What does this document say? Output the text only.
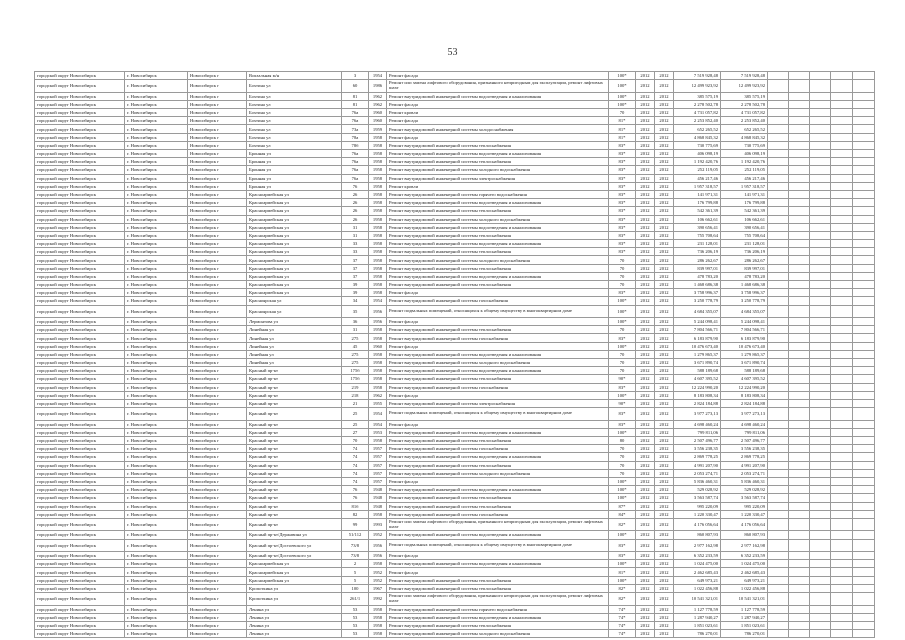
53
городской округ Новосибирск	г. Новосибирск	Новосибирск г	Вокзальная м/н	3	1954	Ремонт фасада	100*	2012	2012	7 519 928,48	7 519 928,48					
городской округ Новосибирск	г. Новосибирск	Новосибирск г	Бохтина ул	60	1986	Ремонт или замена лифтового оборудования, признанного непригодным для эксплуатации, ремонт лифтовых шахт	100*	2012	2012	12 499 923,92	12 499 923,92					
городской округ Новосибирск	г. Новосибирск	Новосибирск г	Бохтина ул	81	1962	Ремонт внутридомовой инженерной системы водоотведения и канализования	100*	2012	2012	385 575,19	385 575,19					
городской округ Новосибирск	г. Новосибирск	Новосибирск г	Бохтина ул	81	1962	Ремонт фасада	100*	2012	2012	2 278 502,78	2 278 502,78					
городской округ Новосибирск	г. Новосибирск	Новосибирск г	Бохтина ул	76а	1960	Ремонт кровли	70	2012	2012	4 731 057,82	4 731 057,82					
городской округ Новосибирск	г. Новосибирск	Новосибирск г	Бохтина ул	76а	1960	Ремонт фасада	81*	2012	2012	2 253 852,40	2 253 852,40					
городской округ Новосибирск	г. Новосибирск	Новосибирск г	Бохтина ул	73а	1959	Ремонт внутридомовой инженерной системы холодоснабжения	81*	2012	2012	652 265,52	652 265,52					
городской округ Новосибирск	г. Новосибирск	Новосибирск г	Бохтина ул	78а	1958	Ремонт фасада	81*	2012	2012	4 868 845,32	4 868 845,32					
городской округ Новосибирск	г. Новосибирск	Новосибирск г	Бохтина ул	78б	1958	Ремонт внутридомовой инженерной системы теплоснабжения	83*	2012	2012	730 775,69	730 775,69					
городской округ Новосибирск	г. Новосибирск	Новосибирск г	Бронная ул	76а	1958	Ремонт внутридомовой инженерной системы водоотведения и канализования	83*	2012	2012	406 098,19	406 098,19					
городской округ Новосибирск	г. Новосибирск	Новосибирск г	Бронная ул	76а	1958	Ремонт внутридомовой инженерной системы теплоснабжения	83*	2012	2012	1 192 420,76	1 192 420,76					
городской округ Новосибирск	г. Новосибирск	Новосибирск г	Бронная ул	76а	1958	Ремонт внутридомовой инженерной системы холодного водоснабжения	83*	2012	2012	252 119,05	252 119,05					
городской округ Новосибирск	г. Новосибирск	Новосибирск г	Бронная ул	76а	1958	Ремонт внутридомовой инженерной системы электроснабжения	83*	2012	2012	456 217,46	456 217,46					
городской округ Новосибирск	г. Новосибирск	Новосибирск г	Бронная ул	76	1958	Ремонт кровли	83*	2012	2012	1 957 318,57	1 957 318,57					
городской округ Новосибирск	г. Новосибирск	Новосибирск г	Красноармейская ул	26	1958	Ремонт внутридомовой инженерной системы горячего водоснабжения	83*	2012	2012	141 971,31	141 971,31					
городской округ Новосибирск	г. Новосибирск	Новосибирск г	Красноармейская ул	26	1958	Ремонт внутридомовой инженерной системы водоотведения и канализования	83*	2012	2012	176 799,88	176 799,88					
городской округ Новосибирск	г. Новосибирск	Новосибирск г	Красноармейская ул	26	1958	Ремонт внутридомовой инженерной системы теплоснабжения	83*	2012	2012	542 361,39	542 361,39					
городской округ Новосибирск	г. Новосибирск	Новосибирск г	Красноармейская ул	26	1958	Ремонт внутридомовой инженерной системы холодного водоснабжения	83*	2012	2012	106 662,61	106 662,61					
городской округ Новосибирск	г. Новосибирск	Новосибирск г	Красноармейская ул	31	1958	Ремонт внутридомовой инженерной системы водоотведения и канализования	83*	2012	2012	390 656,41	390 656,41					
городской округ Новосибирск	г. Новосибирск	Новосибирск г	Красноармейская ул	31	1958	Ремонт внутридомовой инженерной системы теплоснабжения	83*	2012	2012	755 708,64	755 708,64					
городской округ Новосибирск	г. Новосибирск	Новосибирск г	Красноармейская ул	33	1958	Ремонт внутридомовой инженерной системы водоотведения и канализования	83*	2012	2012	231 128,01	231 128,01					
городской округ Новосибирск	г. Новосибирск	Новосибирск г	Красноармейская ул	33	1958	Ремонт внутридомовой инженерной системы теплоснабжения	83*	2012	2012	736 206,19	736 206,19					
городской округ Новосибирск	г. Новосибирск	Новосибирск г	Красноармейская ул	37	1958	Ремонт внутридомовой инженерной системы холодного водоснабжения	70	2012	2012	286 262,67	286 262,67					
городской округ Новосибирск	г. Новосибирск	Новосибирск г	Красноармейская ул	37	1958	Ремонт внутридомовой инженерной системы теплоснабжения	70	2012	2012	839 997,01	839 997,01					
городской округ Новосибирск	г. Новосибирск	Новосибирск г	Красноармейская ул	37	1958	Ремонт внутридомовой инженерной системы водоотведения и канализования	70	2012	2012	478 783,20	478 783,20					
городской округ Новосибирск	г. Новосибирск	Новосибирск г	Красноармейская ул	39	1958	Ремонт внутридомовой инженерной системы теплоснабжения	70	2012	2012	1 468 686,38	1 468 686,38					
городской округ Новосибирск	г. Новосибирск	Новосибирск г	Красноармейская ул	39	1958	Ремонт фасада	83*	2012	2012	3 758 996,37	3 758 996,37					
городской округ Новосибирск	г. Новосибирск	Новосибирск г	Красноярская ул	34	1954	Ремонт внутридомовой инженерной системы газоснабжения	100*	2012	2012	3 250 778,79	3 250 778,79					
городской округ Новосибирск	г. Новосибирск	Новосибирск г	Красноярская ул	35	1956	Ремонт подвальных помещений, относящихся к общему имуществу в многоквартирном доме	100*	2012	2012	4 684 355,07	4 684 355,07					
городской округ Новосибирск	г. Новосибирск	Новосибирск г	Лермонтова ул	36	1956	Ремонт фасада	100*	2012	2012	5 244 098,41	5 244 098,41					
городской округ Новосибирск	г. Новосибирск	Новосибирск г	Линейная ул	31	1958	Ремонт внутридомовой инженерной системы теплоснабжения	70	2012	2012	7 804 566,71	7 804 566,71					
городской округ Новосибирск	г. Новосибирск	Новосибирск г	Линейная ул	275	1958	Ремонт внутридомовой инженерной системы газоснабжения	83*	2012	2012	6 183 879,90	6 183 879,90					
городской округ Новосибирск	г. Новосибирск	Новосибирск г	Линейная ул	45	1960	Ремонт фасада	100*	2012	2012	10 476 673,40	10 476 673,40					
городской округ Новосибирск	г. Новосибирск	Новосибирск г	Линейная ул	275	1958	Ремонт внутридомовой инженерной системы водоотведения и канализования	70	2012	2012	1 279 865,37	1 279 865,37					
городской округ Новосибирск	г. Новосибирск	Новосибирск г	Линейная ул	275	1958	Ремонт внутридомовой инженерной системы холодного водоснабжения	70	2012	2012	3 671 890,74	3 671 890,74					
городской округ Новосибирск	г. Новосибирск	Новосибирск г	Красный пр-кт	175б	1958	Ремонт внутридомовой инженерной системы водоотведения и канализования	70	2012	2012	588 189,68	588 189,68					
городской округ Новосибирск	г. Новосибирск	Новосибирск г	Красный пр-кт	175б	1958	Ремонт внутридомовой инженерной системы теплоснабжения	90*	2012	2012	4 607 395,52	4 607 395,52					
городской округ Новосибирск	г. Новосибирск	Новосибирск г	Красный пр-кт	219	1958	Ремонт внутридомовой инженерной системы газоснабжения	83*	2012	2012	12 224 990,20	12 224 990,20					
городской округ Новосибирск	г. Новосибирск	Новосибирск г	Красный пр-кт	218	1962	Ремонт фасада	100*	2012	2012	8 183 808,34	8 183 808,34					
городской округ Новосибирск	г. Новосибирск	Новосибирск г	Красный пр-кт	21	1955	Ремонт внутридомовой инженерной системы электроснабжения	90*	2012	2012	2 824 184,88	2 824 184,88					
городской округ Новосибирск	г. Новосибирск	Новосибирск г	Красный пр-кт	25	1954	Ремонт подвальных помещений, относящихся к общему имуществу в многоквартирном доме	83*	2012	2012	3 977 273,13	3 977 273,13					
городской округ Новосибирск	г. Новосибирск	Новосибирск г	Красный пр-кт	25	1954	Ремонт фасада	83*	2012	2012	4 698 460,24	4 698 460,24					
городской округ Новосибирск	г. Новосибирск	Новосибирск г	Красный пр-кт	27	1953	Ремонт внутридомовой инженерной системы водоотведения и канализования	100*	2012	2012	799 811,06	799 811,06					
городской округ Новосибирск	г. Новосибирск	Новосибирск г	Красный пр-кт	70	1958	Ремонт внутридомовой инженерной системы теплоснабжения	80	2012	2012	2 507 496,77	2 507 496,77					
городской округ Новосибирск	г. Новосибирск	Новосибирск г	Красный пр-кт	74	1957	Ремонт внутридомовой инженерной системы газоснабжения	70	2012	2012	3 556 238,35	3 556 238,35					
городской округ Новосибирск	г. Новосибирск	Новосибирск г	Красный пр-кт	74	1957	Ремонт внутридомовой инженерной системы водоотведения и канализования	70	2012	2012	2 869 778,25	2 869 778,25					
городской округ Новосибирск	г. Новосибирск	Новосибирск г	Красный пр-кт	74	1957	Ремонт внутридомовой инженерной системы теплоснабжения	70	2012	2012	4 991 207,90	4 991 207,90					
городской округ Новосибирск	г. Новосибирск	Новосибирск г	Красный пр-кт	74	1957	Ремонт внутридомовой инженерной системы холодного водоснабжения	70	2012	2012	2 053 274,71	2 053 274,71					
городской округ Новосибирск	г. Новосибирск	Новосибирск г	Красный пр-кт	74	1957	Ремонт фасада	100*	2012	2012	5 836 460,31	5 836 460,31					
городской округ Новосибирск	г. Новосибирск	Новосибирск г	Красный пр-кт	76	1948	Ремонт внутридомовой инженерной системы водоотведения и канализования	100*	2012	2012	529 028,92	529 028,92					
городской округ Новосибирск	г. Новосибирск	Новосибирск г	Красный пр-кт	76	1948	Ремонт внутридомовой инженерной системы теплоснабжения	100*	2012	2012	3 563 587,74	3 563 587,74					
городской округ Новосибирск	г. Новосибирск	Новосибирск г	Красный пр-кт	81б	1948	Ремонт внутридомовой инженерной системы теплоснабжения	87*	2012	2012	995 220,09	995 220,09					
городской округ Новосибирск	г. Новосибирск	Новосибирск г	Красный пр-кт	82	1958	Ремонт внутридомовой инженерной системы газоснабжения	84*	2012	2012	1 220 330,47	1 220 330,47					
городской округ Новосибирск	г. Новосибирск	Новосибирск г	Красный пр-кт	99	1993	Ремонт или замена лифтового оборудования, признанного непригодным для эксплуатации, ремонт лифтовых шахт	82*	2012	2012	4 176 056,64	4 176 056,64					
городской округ Новосибирск	г. Новосибирск	Новосибирск г	Красный пр-кт/Державина ул	51/112	1952	Ремонт внутридомовой инженерной системы водоотведения и канализования	100*	2012	2012	860 807,93	860 807,93					
городской округ Новосибирск	г. Новосибирск	Новосибирск г	Красный пр-кт/Достоевского ул	73/8	1956	Ремонт подвальных помещений, относящихся к общему имуществу в многоквартирном доме	83*	2012	2012	2 977 162,98	2 977 162,98					
городской округ Новосибирск	г. Новосибирск	Новосибирск г	Красный пр-кт/Достоевского ул	73/8	1956	Ремонт фасада	83*	2012	2012	6 352 233,59	6 352 233,59					
городской округ Новосибирск	г. Новосибирск	Новосибирск г	Красноармейская ул	2	1958	Ремонт внутридомовой инженерной системы водоотведения и канализования	100*	2012	2012	1 024 475,00	1 024 475,00					
городской округ Новосибирск	г. Новосибирск	Новосибирск г	Красноармейская ул	5	1952	Ремонт фасада	81*	2012	2012	2 462 685,43	2 462 685,43					
городской округ Новосибирск	г. Новосибирск	Новосибирск г	Красноармейская ул	5	1952	Ремонт внутридомовой инженерной системы теплоснабжения	100*	2012	2012	649 973,21	649 973,21					
городской округ Новосибирск	г. Новосибирск	Новосибирск г	Кропоткина ул	100	1967	Ремонт внутридомовой инженерной системы теплоснабжения	82*	2012	2012	1 022 456,88	1 022 456,88					
городской округ Новосибирск	г. Новосибирск	Новосибирск г	Кропоткина ул	261/1	1992	Ремонт или замена лифтового оборудования, признанного непригодным для эксплуатации, ремонт лифтовых шахт	82*	2012	2012	10 541 321,01	10 541 321,01					
городской округ Новосибирск	г. Новосибирск	Новосибирск г	Ленина ул	53	1958	Ремонт внутридомовой инженерной системы горячего водоснабжения	74*	2012	2012	1 127 778,59	1 127 778,59					
городской округ Новосибирск	г. Новосибирск	Новосибирск г	Ленина ул	53	1958	Ремонт внутридомовой инженерной системы водоотведения и канализования	74*	2012	2012	1 287 940,27	1 287 940,27					
городской округ Новосибирск	г. Новосибирск	Новосибирск г	Ленина ул	53	1958	Ремонт внутридомовой инженерной системы теплоснабжения	74*	2012	2012	1 851 023,61	1 851 023,61					
городской округ Новосибирск	г. Новосибирск	Новосибирск г	Ленина ул	53	1958	Ремонт внутридомовой инженерной системы холодного водоснабжения	74*	2012	2012	786 270,01	786 270,01					
